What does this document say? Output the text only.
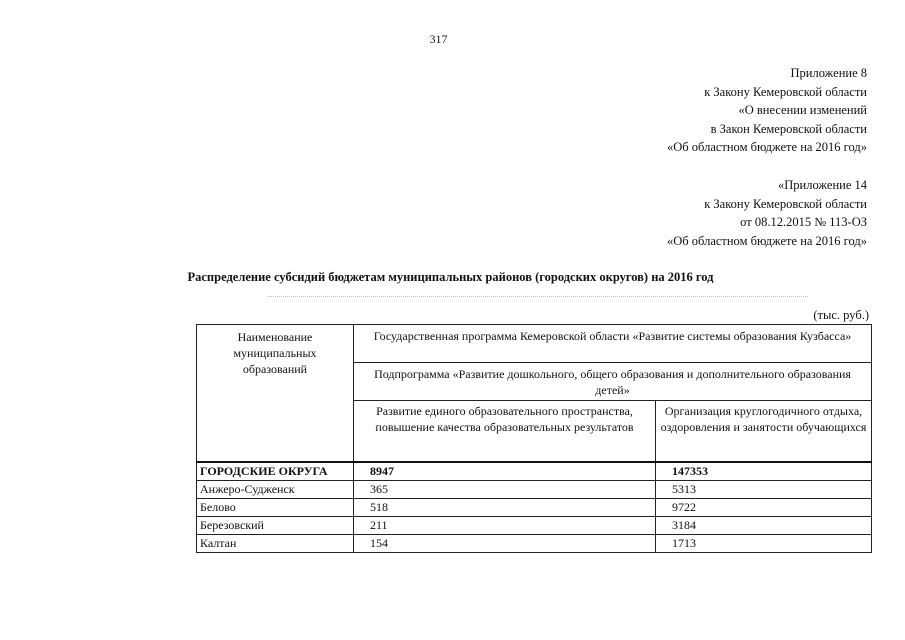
317
Приложение 8
к Закону Кемеровской области
«О внесении изменений
в Закон Кемеровской области
«Об областном бюджете на 2016 год»
«Приложение 14
к Закону Кемеровской области
от 08.12.2015 № 113-ОЗ
«Об областном бюджете на 2016 год»
Распределение субсидий бюджетам муниципальных районов (городских округов) на 2016 год
(тыс. руб.)
Наименование муниципальных образований	Государственная программа Кемеровской области «Развитие системы образования Кузбасса»	
	Подпрограмма «Развитие дошкольного, общего образования и дополнительного образования детей»	
	Развитие единого образовательного пространства, повышение качества образовательных результатов	Организация круглогодичного отдыха, оздоровления и занятости обучающихся
ГОРОДСКИЕ ОКРУГА	8947	147353
Анжеро-Судженск	365	5313
Белово	518	9722
Березовский	211	3184
Калтан	154	1713
